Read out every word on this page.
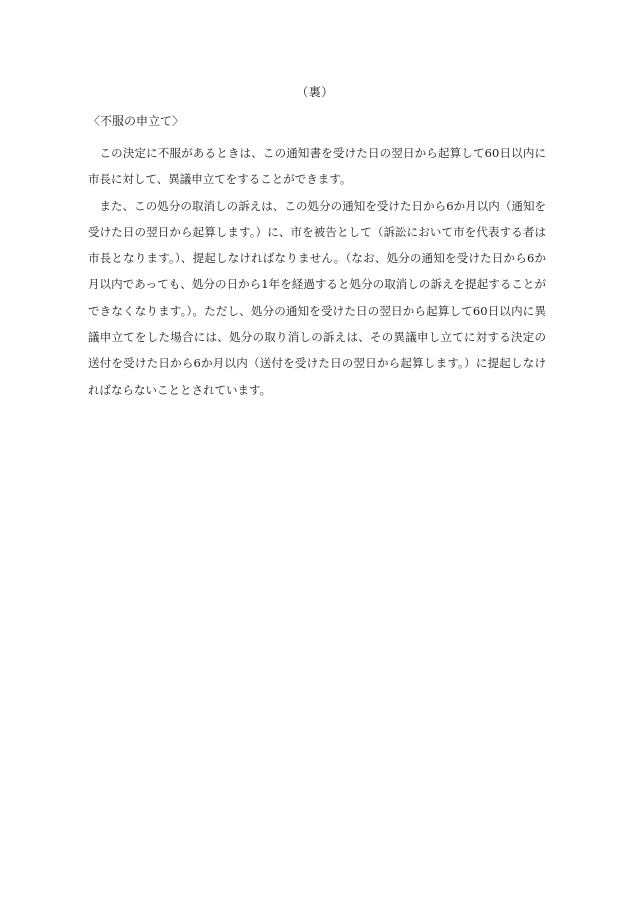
（裏）
〈不服の申立て〉

この決定に不服があるときは、この通知書を受けた日の翌日から起算して60日以内に市長に対して、異議申立てをすることができます。

また、この処分の取消しの訴えは、この処分の通知を受けた日から6か月以内（通知を受けた日の翌日から起算します。）に、市を被告として（訴訟において市を代表する者は市長となります。）、提起しなければなりません。（なお、処分の通知を受けた日から6か月以内であっても、処分の日から1年を経過すると処分の取消しの訴えを提起することができなくなります。）。ただし、処分の通知を受けた日の翌日から起算して60日以内に異議申立てをした場合には、処分の取り消しの訴えは、その異議申し立てに対する決定の送付を受けた日から6か月以内（送付を受けた日の翌日から起算します。）に提起しなければならないこととされています。
